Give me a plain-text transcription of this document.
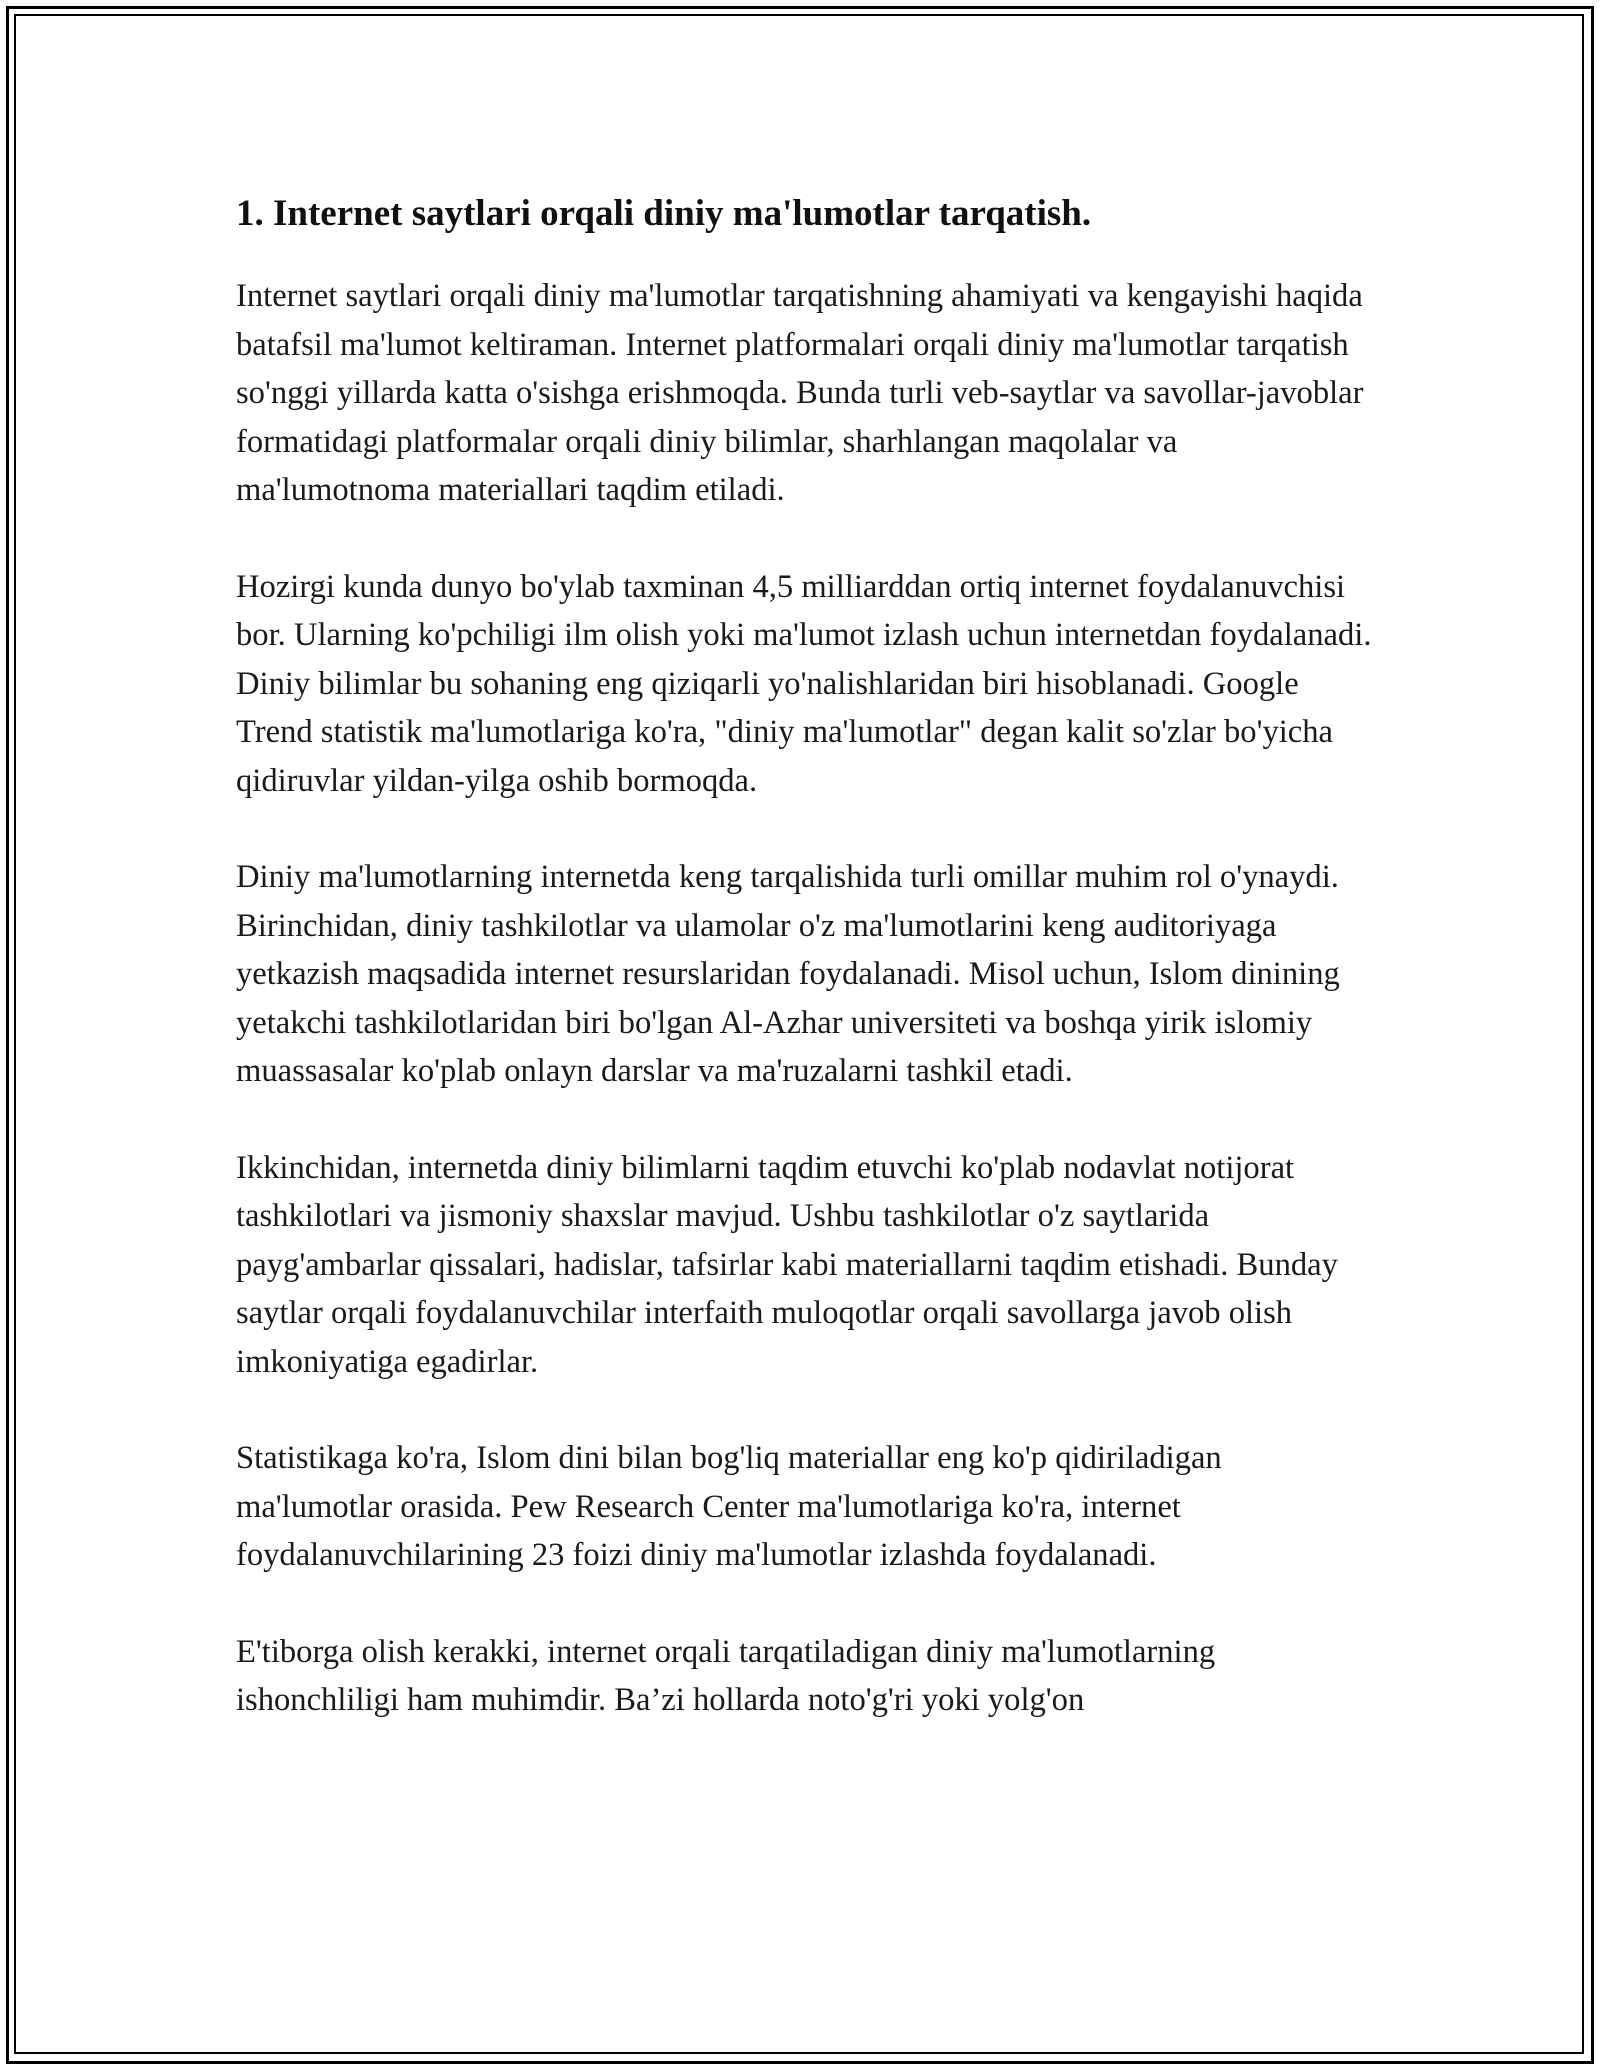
1. Internet saytlari orqali diniy ma'lumotlar tarqatish.

Internet saytlari orqali diniy ma'lumotlar tarqatishning ahamiyati va kengayishi haqida batafsil ma'lumot keltiraman. Internet platformalari orqali diniy ma'lumotlar tarqatish so'nggi yillarda katta o'sishga erishmoqda. Bunda turli veb-saytlar va savollar-javoblar formatidagi platformalar orqali diniy bilimlar, sharhlangan maqolalar va ma'lumotnoma materiallari taqdim etiladi.

Hozirgi kunda dunyo bo'ylab taxminan 4,5 milliarddan ortiq internet foydalanuvchisi bor. Ularning ko'pchiligi ilm olish yoki ma'lumot izlash uchun internetdan foydalanadi. Diniy bilimlar bu sohaning eng qiziqarli yo'nalishlaridan biri hisoblanadi. Google Trend statistik ma'lumotlariga ko'ra, "diniy ma'lumotlar" degan kalit so'zlar bo'yicha qidiruvlar yildan-yilga oshib bormoqda.

Diniy ma'lumotlarning internetda keng tarqalishida turli omillar muhim rol o'ynaydi. Birinchidan, diniy tashkilotlar va ulamolar o'z ma'lumotlarini keng auditoriyaga yetkazish maqsadida internet resurslaridan foydalanadi. Misol uchun, Islom dinining yetakchi tashkilotlaridan biri bo'lgan Al-Azhar universiteti va boshqa yirik islomiy muassasalar ko'plab onlayn darslar va ma'ruzalarni tashkil etadi.

Ikkinchidan, internetda diniy bilimlarni taqdim etuvchi ko'plab nodavlat notijorat tashkilotlari va jismoniy shaxslar mavjud. Ushbu tashkilotlar o'z saytlarida payg'ambarlar qissalari, hadislar, tafsirlar kabi materiallarni taqdim etishadi. Bunday saytlar orqali foydalanuvchilar interfaith muloqotlar orqali savollarga javob olish imkoniyatiga egadirlar.

Statistikaga ko'ra, Islom dini bilan bog'liq materiallar eng ko'p qidiriladigan ma'lumotlar orasida. Pew Research Center ma'lumotlariga ko'ra, internet foydalanuvchilarining 23 foizi diniy ma'lumotlar izlashda foydalanadi.

E'tiborga olish kerakki, internet orqali tarqatiladigan diniy ma'lumotlarning ishonchliligi ham muhimdir. Ba’zi hollarda noto'g'ri yoki yolg'on
